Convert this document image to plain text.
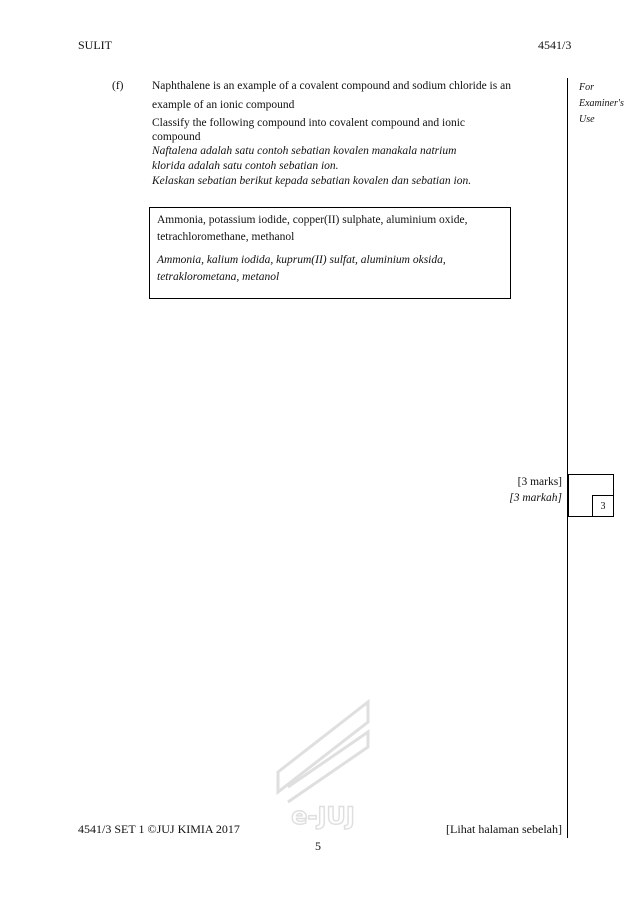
SULIT	4541/3
For
Examiner's
Use
(f) Naphthalene is an example of a covalent compound and sodium chloride is an
example of an ionic compound
Classify the following compound into covalent compound and ionic
compound
Naftalena adalah satu contoh sebatian kovalen manakala natrium
klorida adalah satu contoh sebatian ion.
Kelaskan sebatian berikut kepada sebatian kovalen dan sebatian ion.
Ammonia, potassium iodide, copper(II) sulphate, aluminium oxide,
tetrachloromethane, methanol
Ammonia, kalium iodida, kuprum(II) sulfat, aluminium oksida,
tetraklorometana, metanol
[3 marks]
[3 markah]
3
e-JUJ
4541/3 SET 1 ©JUJ KIMIA 2017	[Lihat halaman sebelah]
5
